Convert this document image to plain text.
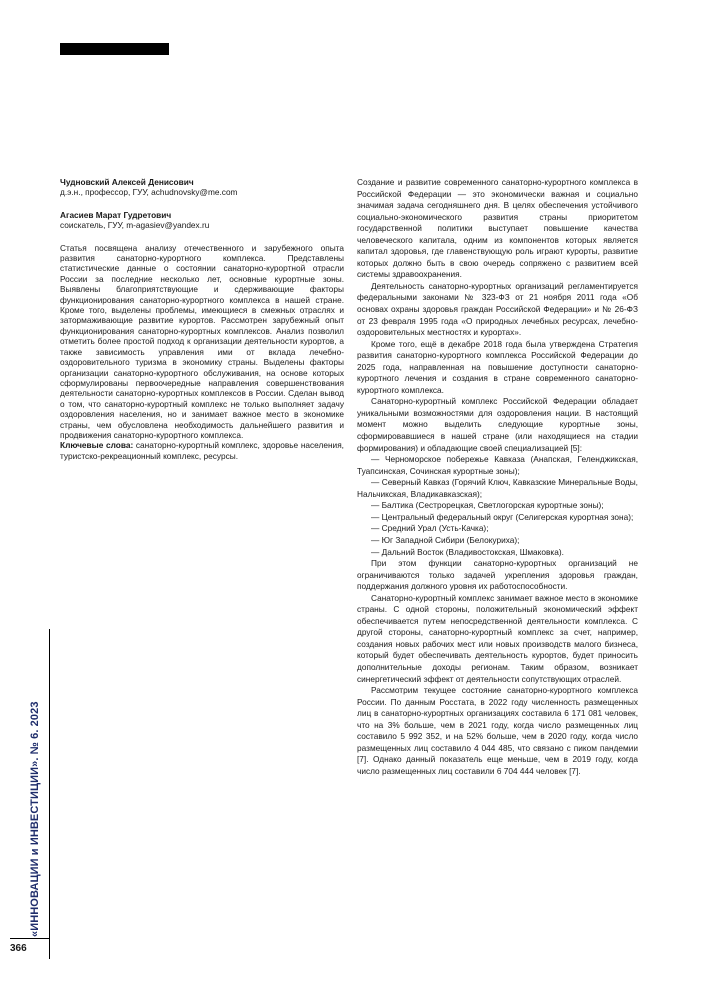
Чудновский Алексей Денисович
д.э.н., профессор, ГУУ, achudnovsky@me.com
Агасиев Марат Гудретович
соискатель, ГУУ, m-agasiev@yandex.ru
Статья посвящена анализу отечественного и зарубежного опыта развития санаторно-курортного комплекса. Представлены статистические данные о состоянии санаторно-курортной отрасли России за последние несколько лет, основные курортные зоны. Выявлены благоприятствующие и сдерживающие факторы функционирования санаторно-курортного комплекса в нашей стране. Кроме того, выделены проблемы, имеющиеся в смежных отраслях и затормаживающие развитие курортов. Рассмотрен зарубежный опыт функционирования санаторно-курортных комплексов. Анализ позволил отметить более простой подход к организации деятельности курортов, а также зависимость управления ими от вклада лечебно-оздоровительного туризма в экономику страны. Выделены факторы организации санаторно-курортного обслуживания, на основе которых сформулированы первоочередные направления совершенствования деятельности санаторно-курортных комплексов в России. Сделан вывод о том, что санаторно-курортный комплекс не только выполняет задачу оздоровления населения, но и занимает важное место в экономике страны, чем обусловлена необходимость дальнейшего развития и продвижения санаторно-курортного комплекса.
Ключевые слова: санаторно-курортный комплекс, здоровье населения, туристско-рекреационный комплекс, ресурсы.

Создание и развитие современного санаторно-курортного комплекса в Российской Федерации — это экономически важная и социально значимая задача сегодняшнего дня. В целях обеспечения устойчивого социально-экономического развития страны приоритетом государственной политики выступает повышение качества человеческого капитала, одним из компонентов которых является капитал здоровья, где главенствующую роль играют курорты, развитие которых должно быть в свою очередь сопряжено с развитием всей системы здравоохранения.

Деятельность санаторно-курортных организаций регламентируется федеральными законами № 323-ФЗ от 21 ноября 2011 года «Об основах охраны здоровья граждан Российской Федерации» и № 26-ФЗ от 23 февраля 1995 года «О природных лечебных ресурсах, лечебно-оздоровительных местностях и курортах».

Кроме того, ещё в декабре 2018 года была утверждена Стратегия развития санаторно-курортного комплекса Российской Федерации до 2025 года, направленная на повышение доступности санаторно-курортного лечения и создания в стране современного санаторно-курортного комплекса.

Санаторно-курортный комплекс Российской Федерации обладает уникальными возможностями для оздоровления нации. В настоящий момент можно выделить следующие курортные зоны, сформировавшиеся в нашей стране (или находящиеся на стадии формирования) и обладающие своей специализацией [5]:

— Черноморское побережье Кавказа (Анапская, Геленджикская, Туапсинская, Сочинская курортные зоны);

— Северный Кавказ (Горячий Ключ, Кавказские Минеральные Воды, Нальчикская, Владикавказская);

— Балтика (Сестрорецкая, Светлогорская курортные зоны);

— Центральный федеральный округ (Селигерская курортная зона);

— Средний Урал (Усть-Качка);

— Юг Западной Сибири (Белокуриха);

— Дальний Восток (Владивостокская, Шмаковка).

При этом функции санаторно-курортных организаций не ограничиваются только задачей укрепления здоровья граждан, поддержания должного уровня их работоспособности.

Санаторно-курортный комплекс занимает важное место в экономике страны. С одной стороны, положительный экономический эффект обеспечивается путем непосредственной деятельности комплекса. С другой стороны, санаторно-курортный комплекс за счет, например, создания новых рабочих мест или новых производств малого бизнеса, который будет обеспечивать деятельность курортов, будет приносить дополнительные доходы регионам. Таким образом, возникает синергетический эффект от деятельности сопутствующих отраслей.

Рассмотрим текущее состояние санаторно-курортного комплекса России. По данным Росстата, в 2022 году численность размещенных лиц в санаторно-курортных организациях составила 6 171 081 человек, что на 3% больше, чем в 2021 году, когда число размещенных лиц составило 5 992 352, и на 52% больше, чем в 2020 году, когда число размещенных лиц составило 4 044 485, что связано с пиком пандемии [7]. Однако данный показатель еще меньше, чем в 2019 году, когда число размещенных лиц составили 6 704 444 человек [7].

«ИННОВАЦИИ и ИНВЕСТИЦИИ». № 6. 2023
366
